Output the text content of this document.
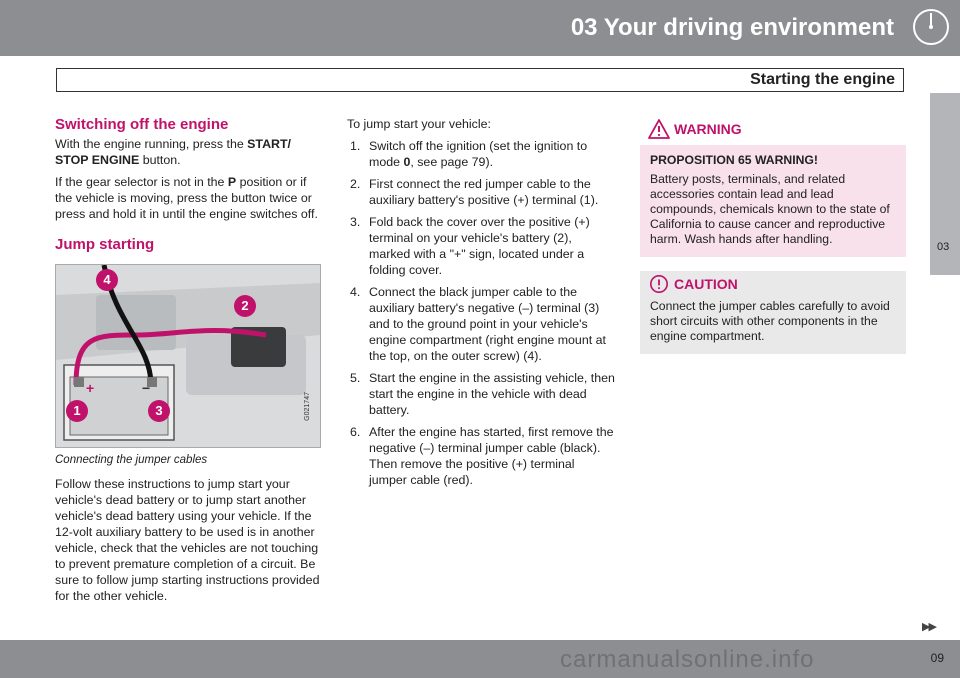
03 Your driving environment
Starting the engine
03
Switching off the engine

With the engine running, press the START/ STOP ENGINE button.

If the gear selector is not in the P position or if the vehicle is moving, press the button twice or press and hold it in until the engine switches off.

Jump starting
+	−
1
2
3
4
G021747
Connecting the jumper cables

Follow these instructions to jump start your vehicle's dead battery or to jump start another vehicle's dead battery using your vehicle. If the 12-volt auxiliary battery to be used is in another vehicle, check that the vehicles are not touching to prevent premature completion of a circuit. Be sure to follow jump starting instructions provided for the other vehicle.

To jump start your vehicle:

1. Switch off the ignition (set the ignition to mode 0, see page 79).
2. First connect the red jumper cable to the auxiliary battery's positive (+) terminal (1).
3. Fold back the cover over the positive (+) terminal on your vehicle's battery (2), marked with a "+" sign, located under a folding cover.
4. Connect the black jumper cable to the auxiliary battery's negative (–) terminal (3) and to the ground point in your vehicle's engine compartment (right engine mount at the top, on the outer screw) (4).
5. Start the engine in the assisting vehicle, then start the engine in the vehicle with dead battery.
6. After the engine has started, first remove the negative (–) terminal jumper cable (black). Then remove the positive (+) terminal jumper cable (red).
WARNING
PROPOSITION 65 WARNING!
Battery posts, terminals, and related accessories contain lead and lead compounds, chemicals known to the state of California to cause cancer and reproductive harm. Wash hands after handling.
CAUTION
Connect the jumper cables carefully to avoid short circuits with other components in the engine compartment.
▶▶
carmanualsonline.info	09
